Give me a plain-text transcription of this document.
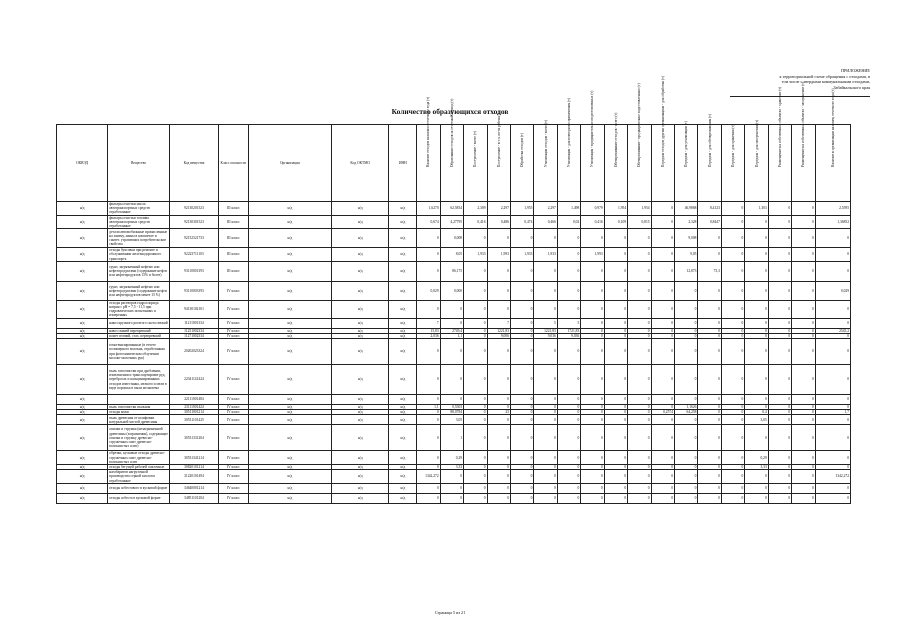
ПРИЛОЖЕНИЕ
к территориальной схеме обращения с отходами, в
том числе с твердыми коммунальными отходами,
Забайкальского края
Количество образующихся отходов
ОКВЭД	Вещество	Код вещества	Класс опасности	Организация	Код ОКТМО	ИНН	Наличие отходов на начало отчетного года (т)	Образование отходов за отчетный период (т)	Поступление - всего (т)	Поступление - в т.ч. из-за рубежа (т)	Обработка отходов (т)	Утилизация отходов - всего (т)	Утилизация - для повторного применения (т)	Утилизация - предварительно подготовленных (т)	Обезвреживание отходов - всего (т)	Обезвреживание - предварительно подготовленных (т)	Передача отходов другим организациям - для обработки (т)	Передача - для утилизации (т)	Передача - для обезвреживания (т)	Передача - для хранения (т)	Передача - для захоронения (т)	Размещение на собственных объектах - хранение (т)	Размещение на собственных объектах - захоронение (т)	Наличие в организации на конец отчетного года (т)
н/д	фильтры очистки масла автотранспортных средств отработанные	92130201523	III класс	н/д	н/д	н/д	1,6270	62,5834	2,309	2,297	1,955	2,297	1,498	0,979	1,954	1,954	0	46,9868	8,4123	0	1,303	0	0	2,5595
н/д	фильтры очистки топлива автотранспортных средств отработанные	92130301523	III класс	н/д	н/д	н/д	0,674	4,27795	0,416	0,486	0,474	0,466	0,02	0,416	0,109	0,815	0	2,328	0,8447	0	0	0	0	1,36852
н/д	детали автомобильные промасленные на замену, шины в комплекте и синтет. утративших потребительские свойства	92152521733	III класс	н/д	н/д	н/д	0	0,008	0	0	0	0	0	0	0	0	0	9,008	0	0	0	0	0	0
н/д	отходы буксовки при ремонте и обслуживании железнодорожного транспорта	92223711103	III класс	н/д	н/д	н/д	0	8,05	1,933	1,993	1,933	1,933	0	1,993	0	0	0	9,05	0	0	0	0	0	0
н/д	грунт, загрязненный нефтью или нефтепродуктами (содержание нефти или нефтепродуктов 15% и более)	93110001393	III класс	н/д	н/д	н/д	0	86,175	0	0	0	0	0	0	0	0	0	12,873	73,3	0	0	0	0	0
н/д	грунт, загрязненный нефтью или нефтепродуктами (содержание нефти или нефтепродуктов менее 15 %)	93110003393	IV класс	н/д	н/д	н/д	0,029	0,000	0	0	0	0	0	0	0	0	0	0	0	0	0	0	0	0,029
н/д	отходы растворов гидрохлорида натрия с рН = 7,5 - 11,5 при гидравлических испытаниях и измерениях	94130102101	IV класс	н/д	н/д	н/д	0	0	0	0	0	0	0	0	0	0	0	0	0	0	0	0	0	0
н/д	навоз крупного рогатого скота свежий	11211001334	IV класс	н/д	н/д	н/д	7	0	0	7	0	5	5	0	0	0	0	0	0	0	0	0	0	0
н/д	навоз свиней перепревший	11251002334	IV класс	н/д	н/д	н/д	15,83	2749,4	0	1221,83	0	1221,83	1721,83	0	0	0	0	0	0	0	0	0	0	2545,2
н/д	помет птичий, стах. перепревший	11271002334	IV класс	н/д	н/д	н/д	2,036	1,1	0	9,006	0	9,036	9,036	0	0	0	0	0	0	0	0	0	0	0
н/д	гомогенизированные (в отчете полимерного волокна, отработанная при фотохимическом облучении молоко-молочных рук)	20202023324	IV класс	н/д	н/д	н/д	0	0	0	0	0	0	0	0	0	0	0	0	0	0	0	0	0	0
н/д	пыль газоочистки при дроблении, измельчении и транспортировке руд, перебросах и кальцинированных отходов известняка, мелкого и мели в виде порошка в пыли мелкозема	22341141424	IV класс	н/д	н/д	н/д	0	0	0	0	0	0	0	0	0	0	0	0	0	0	0	0	0	0
н/д		22111001484	IV класс	н/д	н/д	н/д	0	0	0	0	0	0	0	0	0	0	0	0	0	0	0	0	0	0
н/д	пыль газоочистки пыльная	23111001424	IV класс	н/д	н/д	н/д	1,1	0,5303	0	0	0	0	0	0	0	0	0	1,1626	0	0	0	0	0	0
н/д	отходы кожи	30511001214	IV класс	н/д	н/д	н/д	0	88,0784	0	23	0	0	0	0	0	0	0,2574	64,258	0	0	0,4	0	0	1,7
н/д	пыль древесная от шлифовки натуральной чистой древесины	30531101425	IV класс	н/д	н/д	н/д	0	3,05	0	0	0	0	0	0	0	0	0	0	0	0	3,05	0	0	0
н/д	опилки и стружка (незагрязненной древесины (загрязнения), содержащие опилки и стружку древесно-стружечных плит древесно-волокнистых плит)	30531331204	IV класс	н/д	н/д	н/д	0	1	0	0	0	0	0	0	0	0	0	0	0	0	0	0	0	0
н/д	обрезки, кусковые отходы древесно-стружечных плит древесно-волокнистых плит	30531341214	IV класс	н/д	н/д	н/д	0	0,29	0	0	0	0	0	0	0	0	0	0	0	0	0,29	0	0	0
н/д	отходы бегущей рабочей смазочные	30820101214	IV класс	н/д	н/д	н/д	0	3,33	0	0	0	0	0	0	0	0	0	0	0	0	3,33	0	0	0
н/д	нагабаритов нагрузочной производства серной кислоты отработанные	31220101494	IV класс	н/д	н/д	н/д	1342,272	0	0	0	0	0	0	0	0	0	0	0	0	0	0	0	0	1342,272
н/д	отходы асбестового в кусковой форме	34640001214	IV класс	н/д	н/д	н/д	0	0	0	0	0	0	0	0	0	0	0	0	0	0	0	0	0	0
н/д	отходы асбеста в кусковой форме	34851101204	IV класс	н/д	н/д	н/д	0	0	0	0	0	0	0	0	0	0	0	0	0	0	0	0	0	0
Страница 5 из 21
